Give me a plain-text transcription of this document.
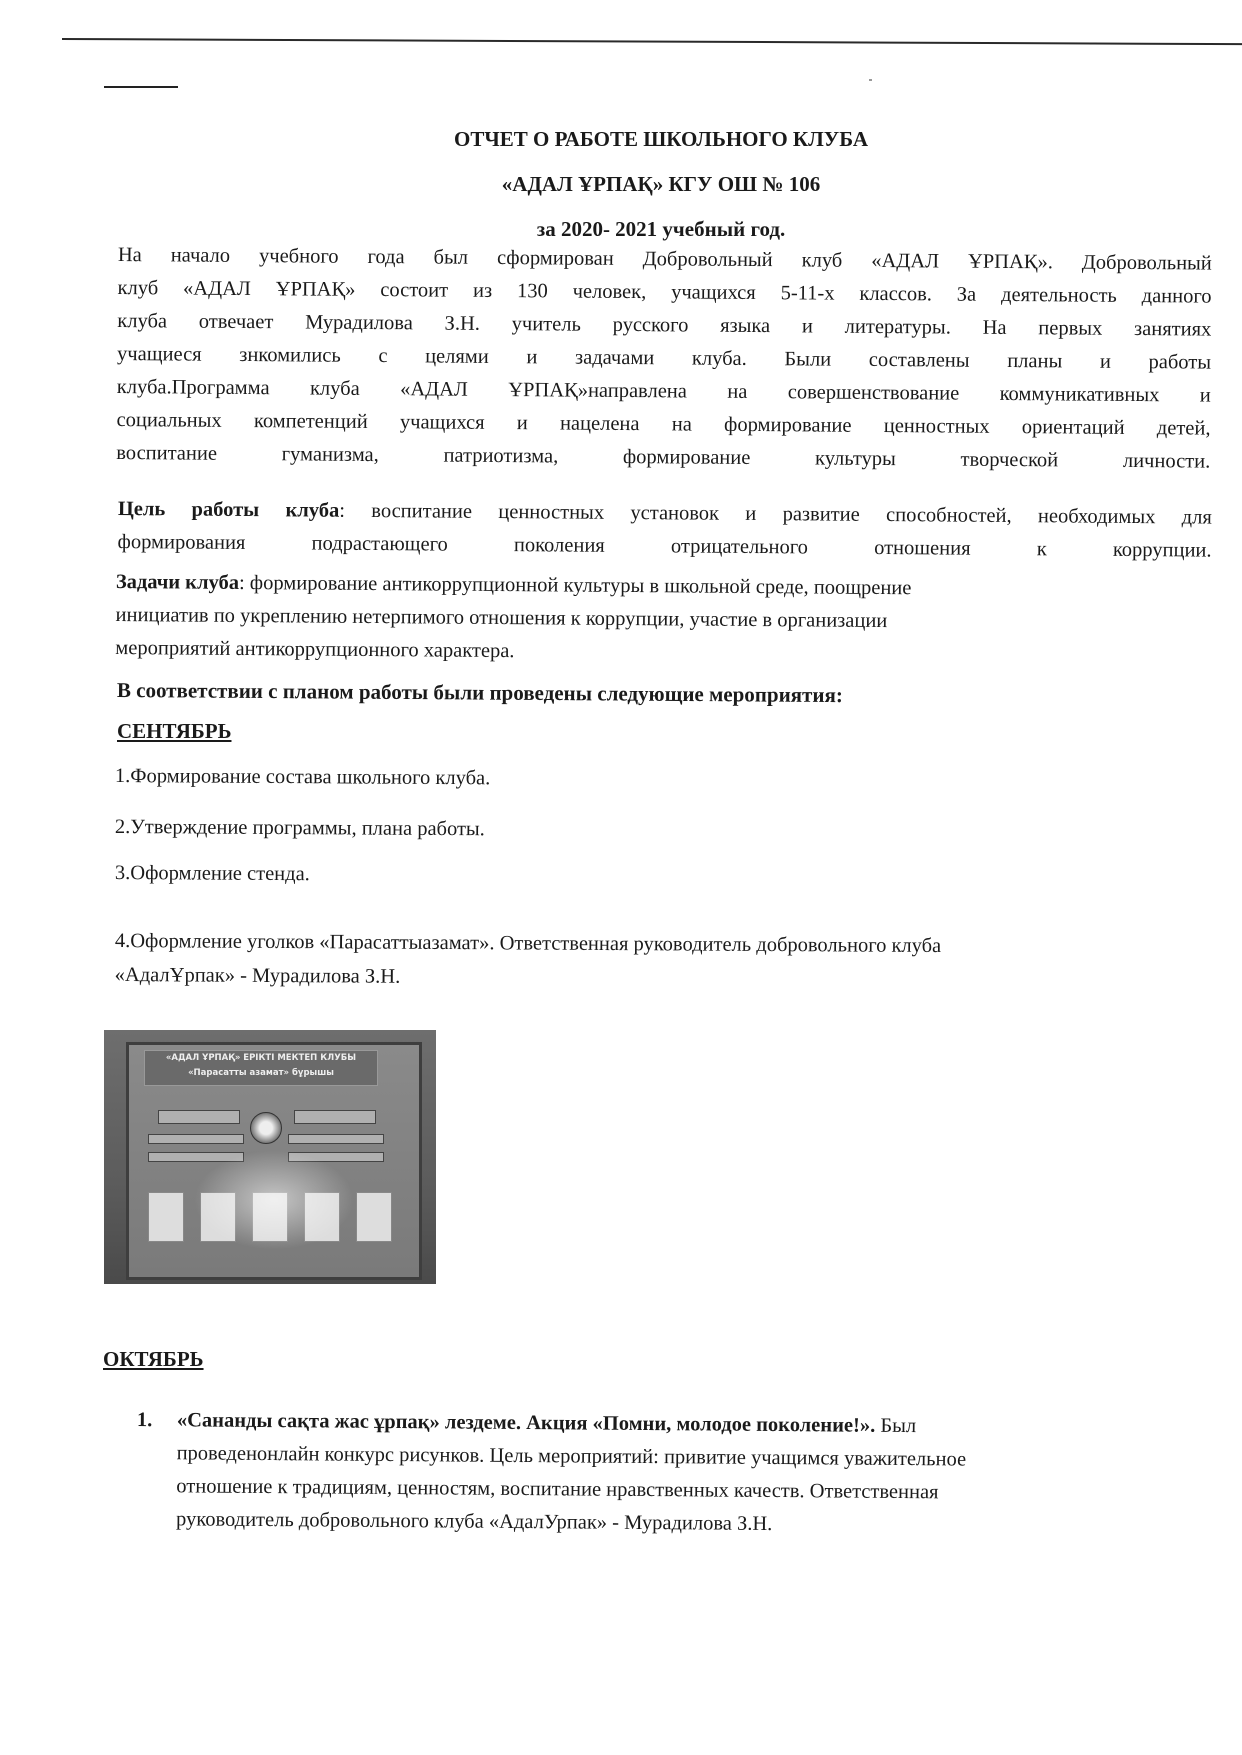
ОТЧЕТ О РАБОТЕ ШКОЛЬНОГО КЛУБА
«АДАЛ ҰРПАҚ» КГУ ОШ № 106
за 2020- 2021 учебный год.
На начало учебного года был сформирован Добровольный клуб «АДАЛ ҰРПАҚ». Добровольный
клуб «АДАЛ ҰРПАҚ» состоит из 130 человек, учащихся 5-11-х классов. За деятельность данного
клуба отвечает Мурадилова З.Н. учитель русского языка и литературы. На первых занятиях
учащиеся знкомились с целями и задачами клуба. Были составлены планы и работы
клуба.Программа клуба «АДАЛ ҰРПАҚ»направлена на совершенствование коммуникативных и
социальных компетенций учащихся и нацелена на формирование ценностных ориентаций детей,
воспитание гуманизма, патриотизма, формирование культуры творческой личности.
Цель работы клуба: воспитание ценностных установок и развитие способностей, необходимых для
формирования подрастающего поколения отрицательного отношения к коррупции.
Задачи клуба: формирование антикоррупционной культуры в школьной среде, поощрение
инициатив по укреплению нетерпимого отношения к коррупции, участие в организации
мероприятий антикоррупционного характера.
В соответствии с планом работы были проведены следующие мероприятия:
СЕНТЯБРЬ
1.Формирование состава школьного клуба.
2.Утверждение программы, плана работы.
3.Оформление стенда.
4.Оформление уголков «Парасаттыазамат». Ответственная руководитель добровольного клуба
«АдалҰрпак» - Мурадилова З.Н.
«АДАЛ ҰРПАҚ» ЕРІКТІ МЕКТЕП КЛУБЫ
«Парасатты азамат» бұрышы
ОКТЯБРЬ
1. «Сананды сақта жас ұрпақ» лездеме. Акция «Помни, молодое поколение!». Был
проведенонлайн конкурс рисунков. Цель мероприятий: привитие учащимся уважительное
отношение к традициям, ценностям, воспитание нравственных качеств. Ответственная
руководитель добровольного клуба «АдалУрпак» - Мурадилова З.Н.
